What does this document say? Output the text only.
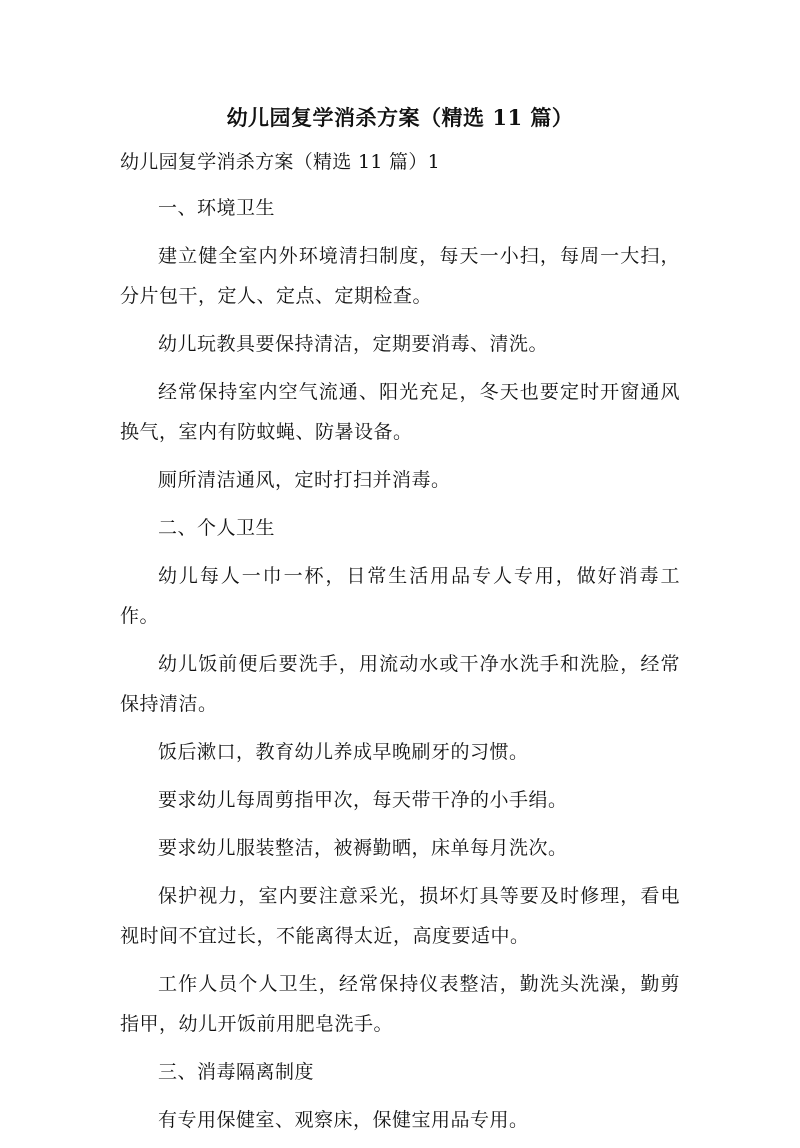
幼儿园复学消杀方案（精选 11 篇）

幼儿园复学消杀方案（精选 11 篇）1

一、环境卫生

建立健全室内外环境清扫制度，每天一小扫，每周一大扫，分片包干，定人、定点、定期检查。

幼儿玩教具要保持清洁，定期要消毒、清洗。

经常保持室内空气流通、阳光充足，冬天也要定时开窗通风换气，室内有防蚊蝇、防暑设备。

厕所清洁通风，定时打扫并消毒。

二、个人卫生

幼儿每人一巾一杯，日常生活用品专人专用，做好消毒工作。

幼儿饭前便后要洗手，用流动水或干净水洗手和洗脸，经常保持清洁。

饭后漱口，教育幼儿养成早晚刷牙的习惯。

要求幼儿每周剪指甲次，每天带干净的小手绢。

要求幼儿服装整洁，被褥勤晒，床单每月洗次。

保护视力，室内要注意采光，损坏灯具等要及时修理，看电视时间不宜过长，不能离得太近，高度要适中。

工作人员个人卫生，经常保持仪表整洁，勤洗头洗澡，勤剪指甲，幼儿开饭前用肥皂洗手。

三、消毒隔离制度

有专用保健室、观察床，保健宝用品专用。
